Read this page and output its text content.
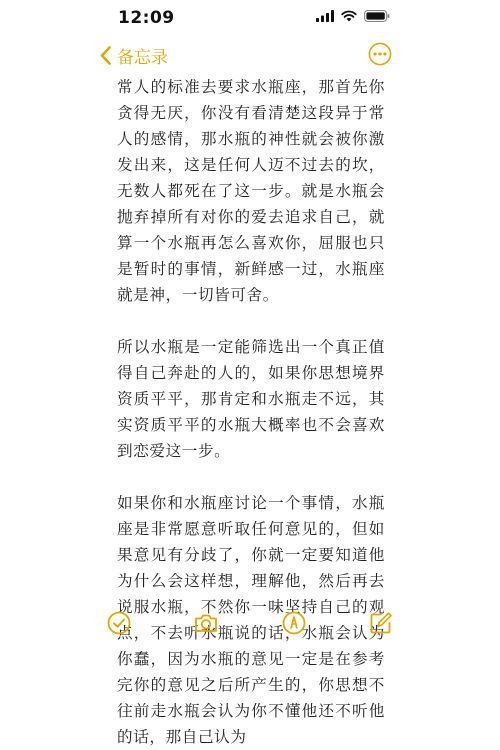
12:09
备忘录

常人的标准去要求水瓶座，那首先你贪得无厌，你没有看清楚这段异于常人的感情，那水瓶的神性就会被你激发出来，这是任何人迈不过去的坎，无数人都死在了这一步。就是水瓶会抛弃掉所有对你的爱去追求自己，就算一个水瓶再怎么喜欢你，屈服也只是暂时的事情，新鲜感一过，水瓶座就是神，一切皆可舍。

所以水瓶是一定能筛选出一个真正值得自己奔赴的人的，如果你思想境界资质平平，那肯定和水瓶走不远，其实资质平平的水瓶大概率也不会喜欢到恋爱这一步。

如果你和水瓶座讨论一个事情，水瓶座是非常愿意听取任何意见的，但如果意见有分歧了，你就一定要知道他为什么会这样想，理解他，然后再去说服水瓶，不然你一味坚持自己的观点，不去听水瓶说的话，水瓶会认为你蠢，因为水瓶的意见一定是在参考完你的意见之后所产生的，你思想不往前走水瓶会认为你不懂他还不听他的话，那自己认为
